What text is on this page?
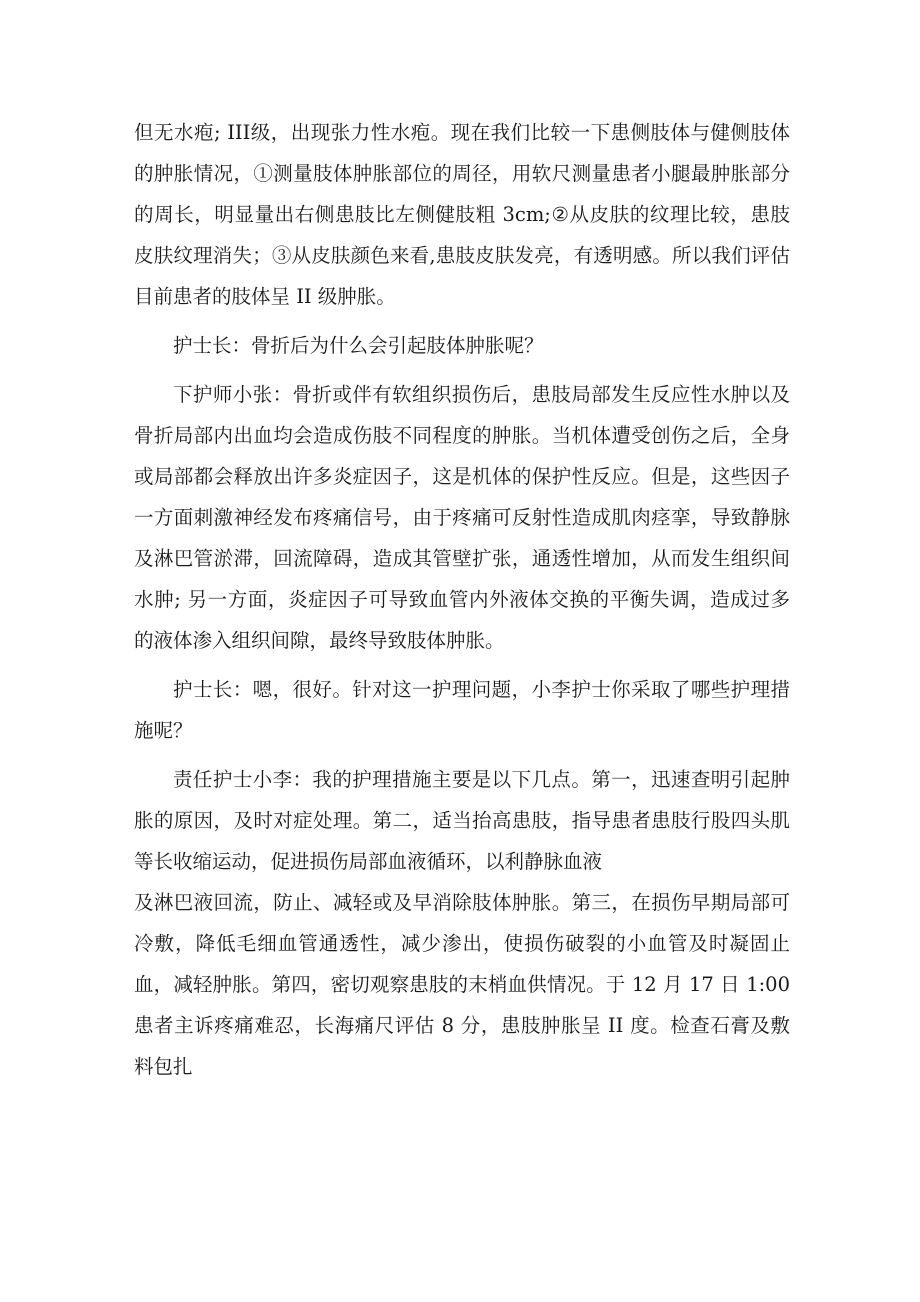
但无水疱; III级，出现张力性水疱。现在我们比较一下患侧肢体与健侧肢体的肿胀情况，①测量肢体肿胀部位的周径，用软尺测量患者小腿最肿胀部分的周长，明显量出右侧患肢比左侧健肢粗 3cm;②从皮肤的纹理比较，患肢皮肤纹理消失；③从皮肤颜色来看,患肢皮肤发亮，有透明感。所以我们评估目前患者的肢体呈 II 级肿胀。

护士长：骨折后为什么会引起肢体肿胀呢？

下护师小张：骨折或伴有软组织损伤后，患肢局部发生反应性水肿以及骨折局部内出血均会造成伤肢不同程度的肿胀。当机体遭受创伤之后，全身或局部都会释放出许多炎症因子，这是机体的保护性反应。但是，这些因子一方面刺激神经发布疼痛信号，由于疼痛可反射性造成肌肉痉挛，导致静脉及淋巴管淤滞，回流障碍，造成其管壁扩张，通透性增加，从而发生组织间水肿; 另一方面，炎症因子可导致血管内外液体交换的平衡失调，造成过多的液体渗入组织间隙，最终导致肢体肿胀。

护士长：嗯，很好。针对这一护理问题，小李护士你采取了哪些护理措施呢？

责任护士小李：我的护理措施主要是以下几点。第一，迅速查明引起肿胀的原因，及时对症处理。第二，适当抬高患肢，指导患者患肢行股四头肌等长收缩运动，促进损伤局部血液循环，以利静脉血液

及淋巴液回流，防止、减轻或及早消除肢体肿胀。第三，在损伤早期局部可冷敷，降低毛细血管通透性，减少渗出，使损伤破裂的小血管及时凝固止血，减轻肿胀。第四，密切观察患肢的末梢血供情况。于 12 月 17 日 1:00 患者主诉疼痛难忍，长海痛尺评估 8 分，患肢肿胀呈 II 度。检查石膏及敷料包扎
